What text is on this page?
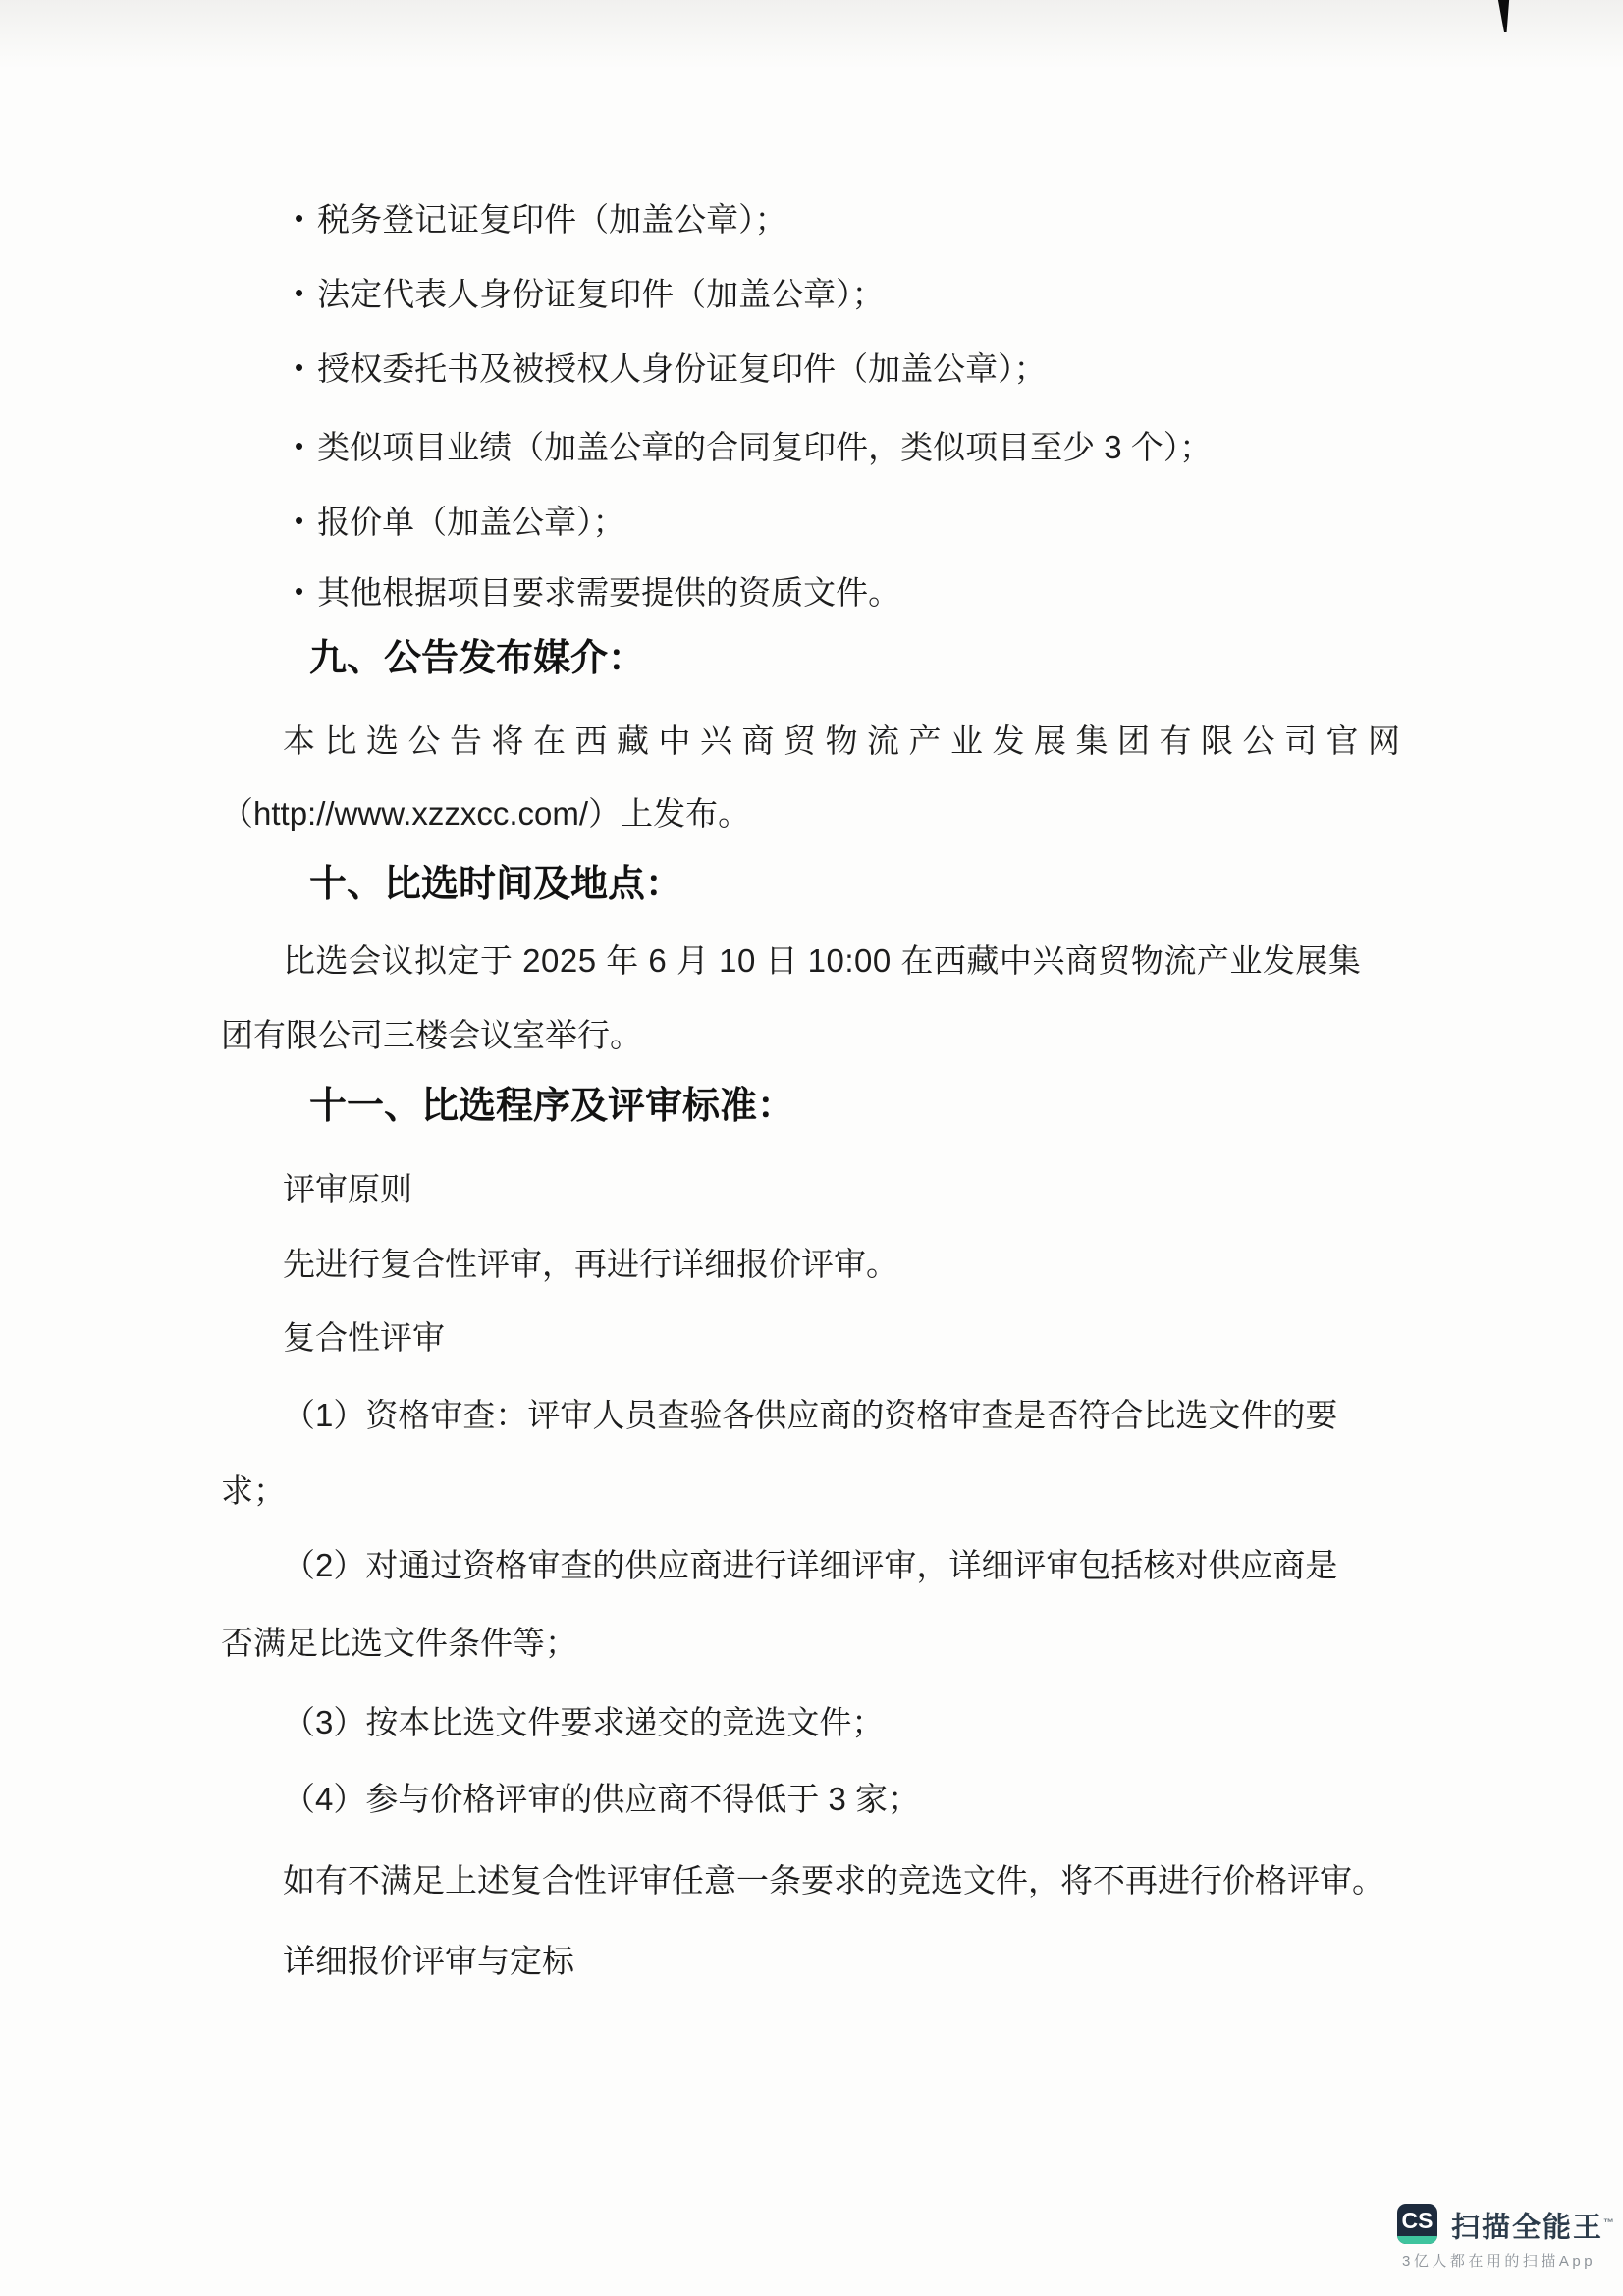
• 税务登记证复印件（加盖公章）；
• 法定代表人身份证复印件（加盖公章）；
• 授权委托书及被授权人身份证复印件（加盖公章）；
• 类似项目业绩（加盖公章的合同复印件，类似项目至少 3 个）；
• 报价单（加盖公章）；
• 其他根据项目要求需要提供的资质文件。
九、公告发布媒介：
本比选公告将在西藏中兴商贸物流产业发展集团有限公司官网
（http://www.xzzxcc.com/）上发布。
十、比选时间及地点：
比选会议拟定于 2025 年 6 月 10 日 10:00 在西藏中兴商贸物流产业发展集
团有限公司三楼会议室举行。
十一、比选程序及评审标准：
评审原则
先进行复合性评审，再进行详细报价评审。
复合性评审
（1）资格审查：评审人员查验各供应商的资格审查是否符合比选文件的要
求；
（2）对通过资格审查的供应商进行详细评审，详细评审包括核对供应商是
否满足比选文件条件等；
（3）按本比选文件要求递交的竞选文件；
（4）参与价格评审的供应商不得低于 3 家；
如有不满足上述复合性评审任意一条要求的竞选文件，将不再进行价格评审。
详细报价评审与定标
CS 扫描全能王™
3亿人都在用的扫描App
